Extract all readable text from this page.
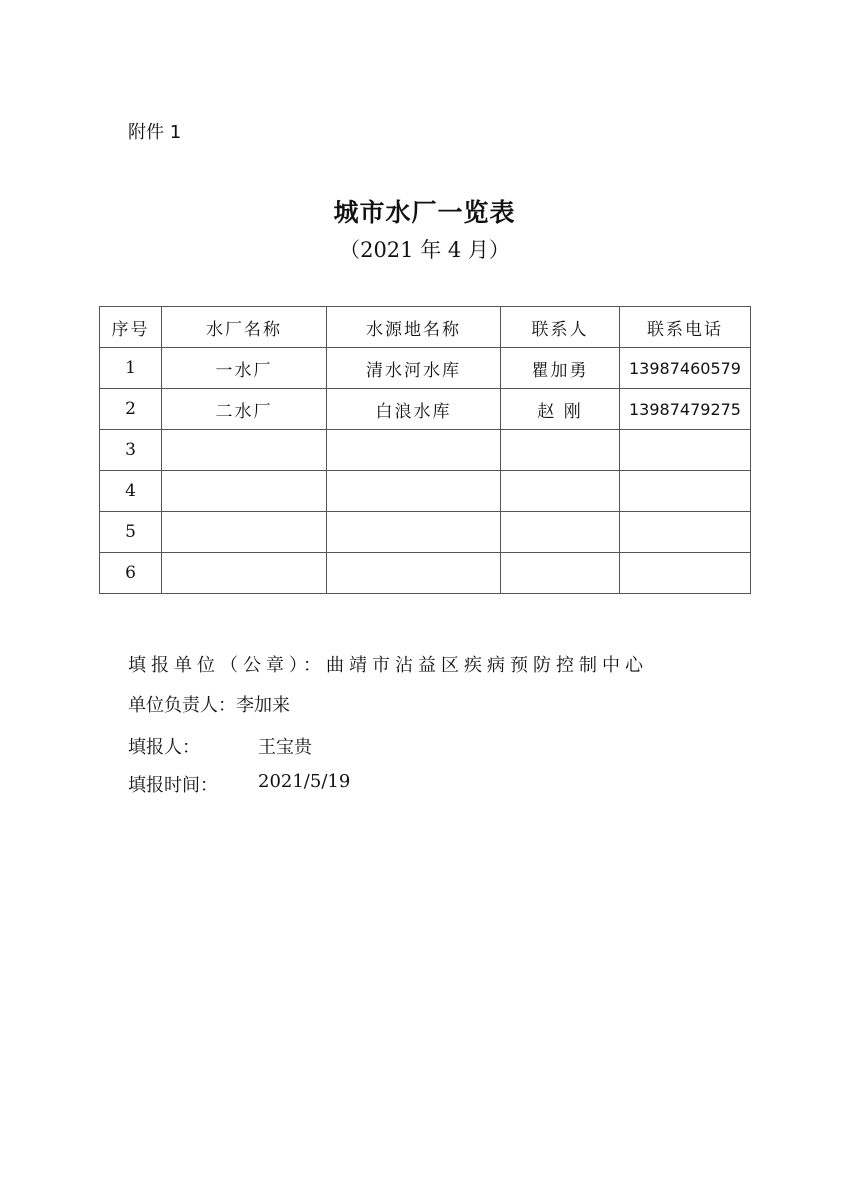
附件 1
城市水厂一览表
（2021 年 4 月）
序号	水厂名称	水源地名称	联系人	联系电话
1	一水厂	清水河水库	瞿加勇	13987460579
2	二水厂	白浪水库	赵 刚	13987479275
3				
4				
5				
6				
填报单位（公章）：曲靖市沾益区疾病预防控制中心
单位负责人：李加来
填报人：	王宝贵
填报时间： 2021/5/19
